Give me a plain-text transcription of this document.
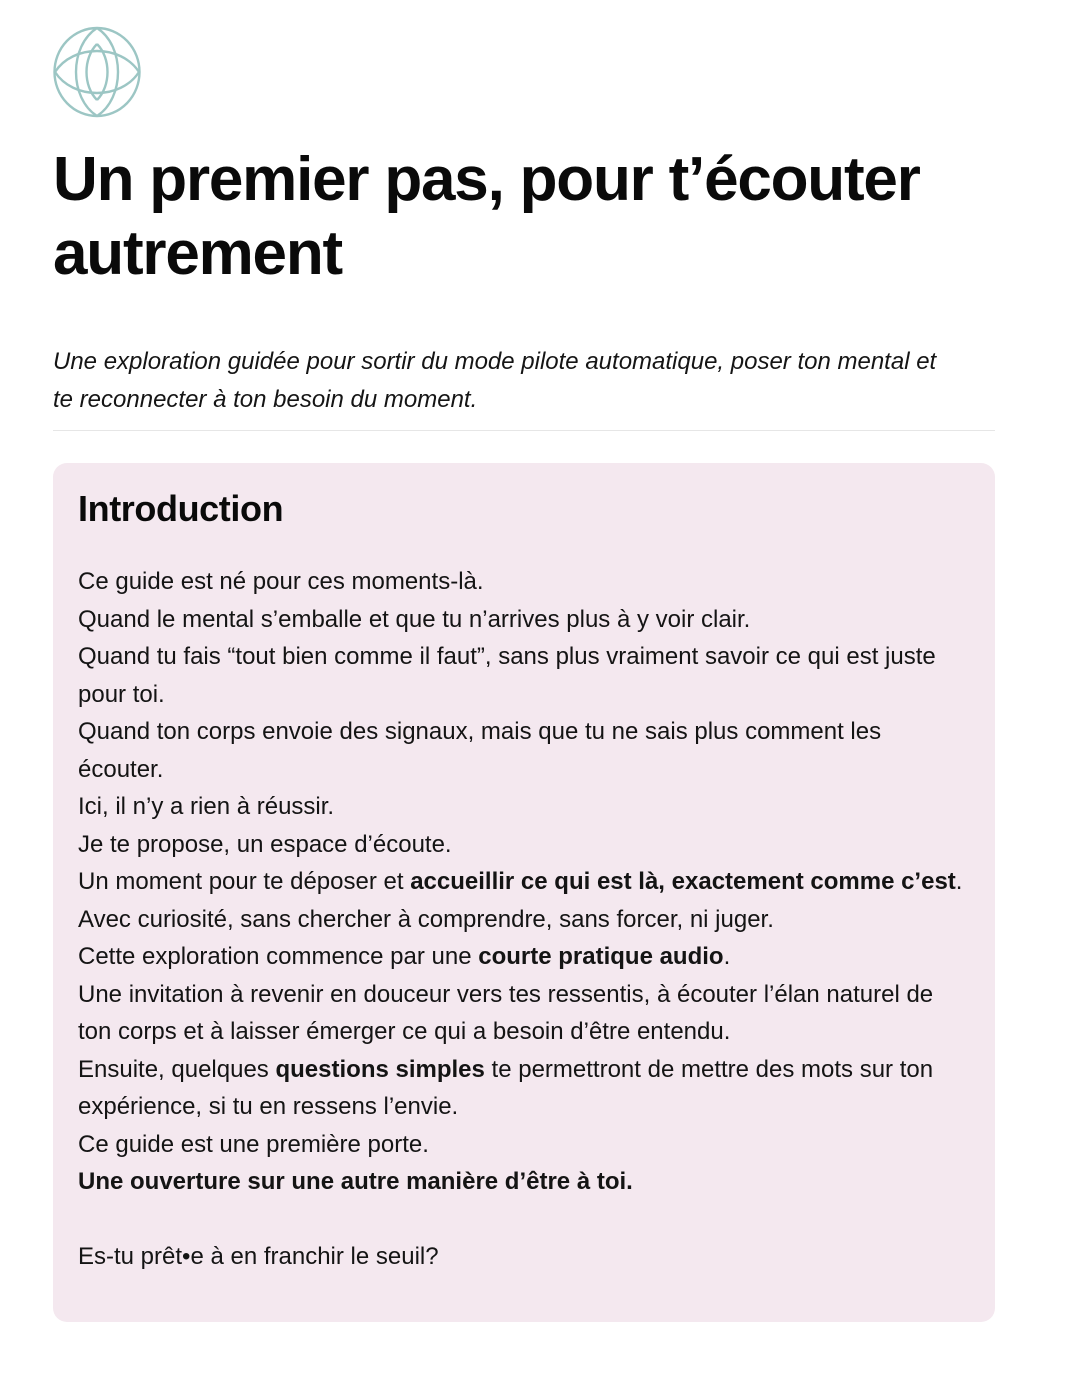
Un premier pas, pour t’écouter autrement

Une exploration guidée pour sortir du mode pilote automatique, poser ton mental et te reconnecter à ton besoin du moment.

Introduction
Ce guide est né pour ces moments-là.
Quand le mental s’emballe et que tu n’arrives plus à y voir clair.
Quand tu fais “tout bien comme il faut”, sans plus vraiment savoir ce qui est juste pour toi.
Quand ton corps envoie des signaux, mais que tu ne sais plus comment les écouter.
Ici, il n’y a rien à réussir.
Je te propose, un espace d’écoute.
Un moment pour te déposer et accueillir ce qui est là, exactement comme c’est.
Avec curiosité, sans chercher à comprendre, sans forcer, ni juger.
Cette exploration commence par une courte pratique audio.
Une invitation à revenir en douceur vers tes ressentis, à écouter l’élan naturel de ton corps et à laisser émerger ce qui a besoin d’être entendu.
Ensuite, quelques questions simples te permettront de mettre des mots sur ton expérience, si tu en ressens l’envie.
Ce guide est une première porte.
Une ouverture sur une autre manière d’être à toi.
Es-tu prêt•e à en franchir le seuil?
